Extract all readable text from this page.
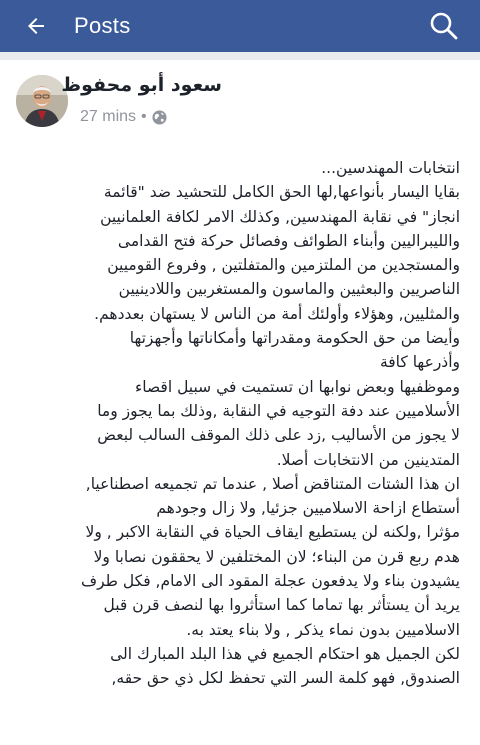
Posts
سعود أبو محفوظ
27 mins •

انتخابات المهندسين...

بقايا اليسار بأنواعها,لها الحق الكامل للتحشيد ضد "قائمة

انجاز" في نقابة المهندسين, وكذلك الامر لكافة العلمانيين

والليبراليين وأبناء الطوائف وفصائل حركة فتح القدامى

والمستجدين من الملتزمين والمتفلتين , وفروع القوميين

الناصريين والبعثيين والماسون والمستغربين واللادينيين

والمثليين, وهؤلاء وأولئك أمة من الناس لا يستهان بعددهم.

وأيضا من حق الحكومة ومقدراتها وأمكاناتها وأجهزتها

وأذرعها كافة

وموظفيها وبعض نوابها ان تستميت في سبيل اقصاء

الأسلاميين عند دفة التوجيه في النقابة ,وذلك بما يجوز وما

لا يجوز من الأساليب ,زد على ذلك الموقف السالب لبعض

المتدينين من الانتخابات أصلا.

ان هذا الشتات المتناقض أصلا , عندما تم تجميعه اصطناعيا,

أستطاع ازاحة الاسلاميين جزئيا, ولا زال وجودهم

مؤثرا ,ولكنه لن يستطيع ايقاف الحياة في النقابة الاكبر , ولا

هدم ربع قرن من البناء؛ لان المختلفين لا يحققون نصابا ولا

يشيدون بناء ولا يدفعون عجلة المقود الى الامام, فكل طرف

يريد أن يستأثر بها تماما كما استأثروا بها لنصف قرن قبل

الاسلاميين بدون نماء يذكر , ولا بناء يعتد به.

لكن الجميل هو احتكام الجميع في هذا البلد المبارك الى

الصندوق, فهو كلمة السر التي تحفظ لكل ذي حق حقه,
